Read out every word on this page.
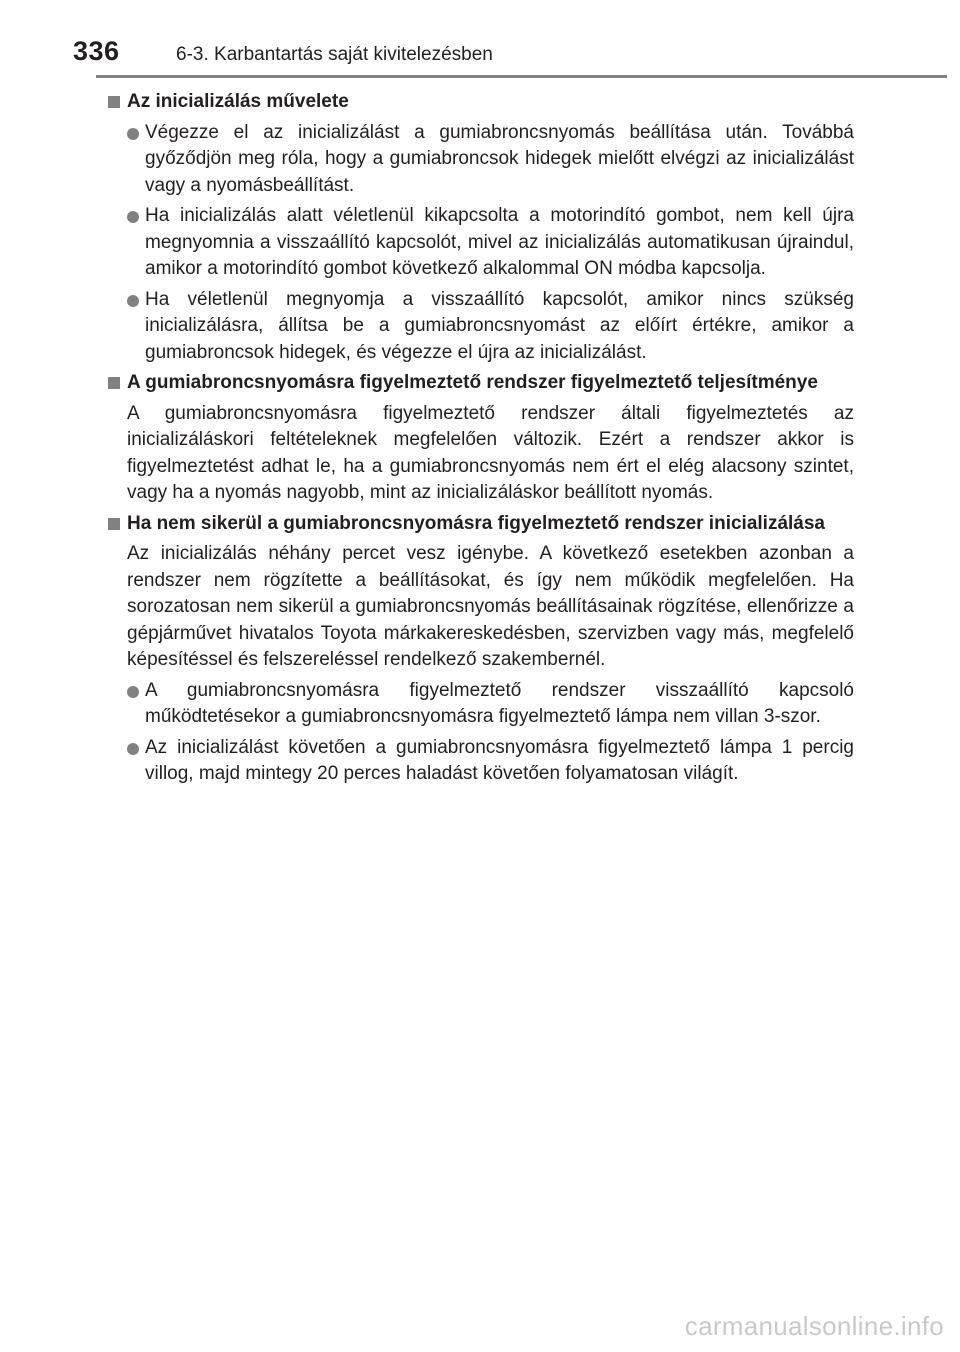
336	6-3. Karbantartás saját kivitelezésben
Az inicializálás művelete
Végezze el az inicializálást a gumiabroncsnyomás beállítása után. Továbbá győződjön meg róla, hogy a gumiabroncsok hidegek mielőtt elvégzi az inicializálást vagy a nyomásbeállítást.
Ha inicializálás alatt véletlenül kikapcsolta a motorindító gombot, nem kell újra megnyomnia a visszaállító kapcsolót, mivel az inicializálás automatikusan újraindul, amikor a motorindító gombot következő alkalommal ON módba kapcsolja.
Ha véletlenül megnyomja a visszaállító kapcsolót, amikor nincs szükség inicializálásra, állítsa be a gumiabroncsnyomást az előírt értékre, amikor a gumiabroncsok hidegek, és végezze el újra az inicializálást.
A gumiabroncsnyomásra figyelmeztető rendszer figyelmeztető teljesítménye
A gumiabroncsnyomásra figyelmeztető rendszer általi figyelmeztetés az inicializáláskori feltételeknek megfelelően változik. Ezért a rendszer akkor is figyelmeztetést adhat le, ha a gumiabroncsnyomás nem ért el elég alacsony szintet, vagy ha a nyomás nagyobb, mint az inicializáláskor beállított nyomás.
Ha nem sikerül a gumiabroncsnyomásra figyelmeztető rendszer inicializálása
Az inicializálás néhány percet vesz igénybe. A következő esetekben azonban a rendszer nem rögzítette a beállításokat, és így nem működik megfelelően. Ha sorozatosan nem sikerül a gumiabroncsnyomás beállításainak rögzítése, ellenőrizze a gépjárművet hivatalos Toyota márkakereskedésben, szervizben vagy más, megfelelő képesítéssel és felszereléssel rendelkező szakembernél.
A gumiabroncsnyomásra figyelmeztető rendszer visszaállító kapcsoló működtetésekor a gumiabroncsnyomásra figyelmeztető lámpa nem villan 3-szor.
Az inicializálást követően a gumiabroncsnyomásra figyelmeztető lámpa 1 percig villog, majd mintegy 20 perces haladást követően folyamatosan világít.
carmanualsonline.info
